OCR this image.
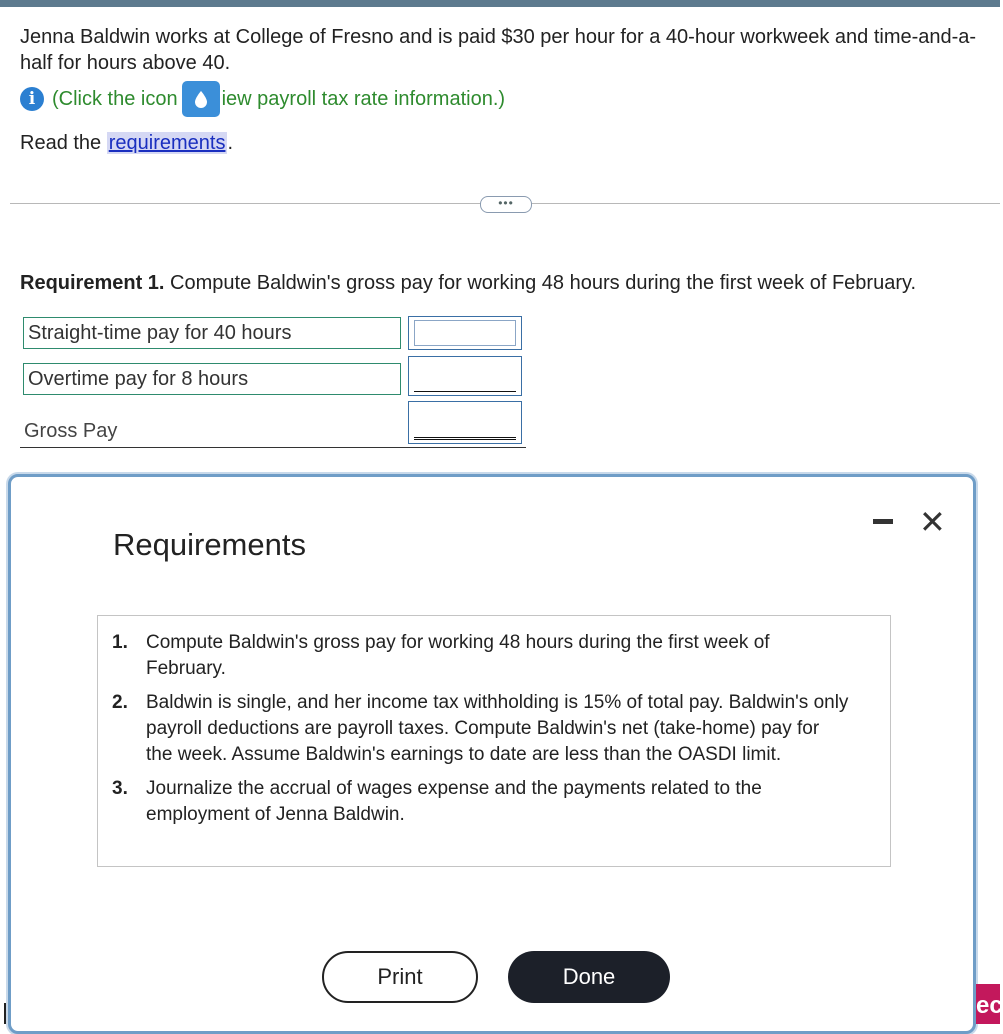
Jenna Baldwin works at College of Fresno and is paid $30 per hour for a 40-hour workweek and time-and-a-half for hours above 40.
i (Click the icon iew payroll tax rate information.)
Read the requirements .
•••
Requirement 1. Compute Baldwin's gross pay for working 48 hours during the first week of February.
Straight-time pay for 40 hours
Overtime pay for 8 hours
Gross Pay
Requirements
✕
1. Compute Baldwin's gross pay for working 48 hours during the first week of February.
2. Baldwin is single, and her income tax withholding is 15% of total pay. Baldwin's only payroll deductions are payroll taxes. Compute Baldwin's net (take-home) pay for the week. Assume Baldwin's earnings to date are less than the OASDI limit.
3. Journalize the accrual of wages expense and the payments related to the employment of Jenna Baldwin.
Print	Done
ec
